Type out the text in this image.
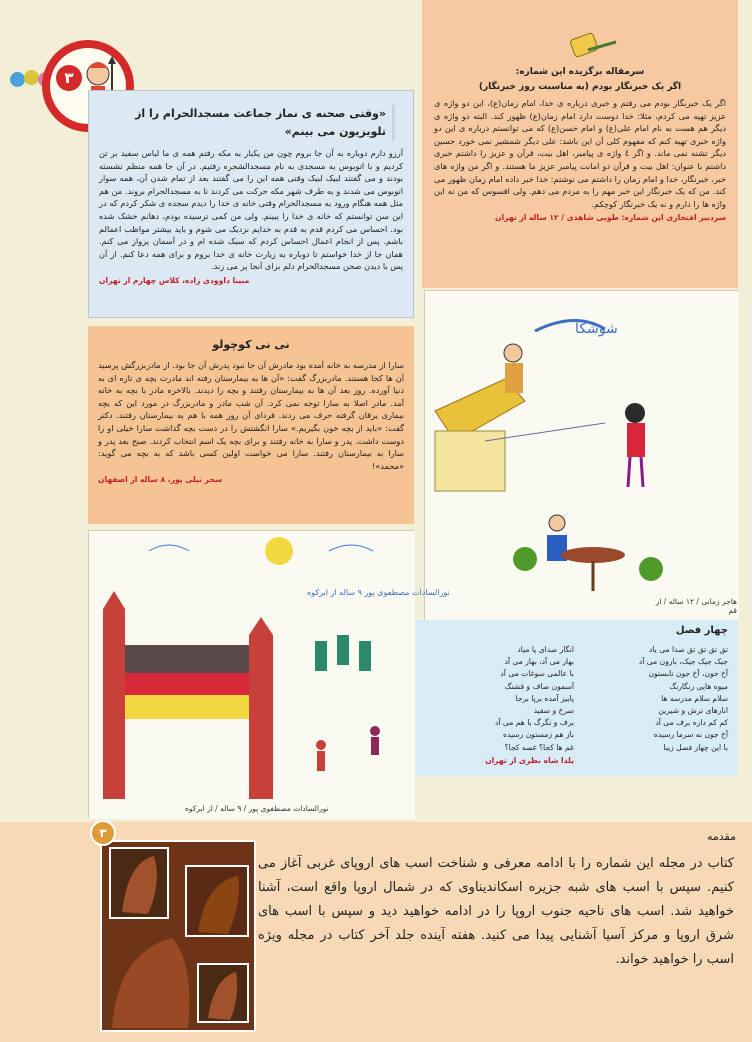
۳	سرمقاله برگزیده این شماره:

اگر یک خبرنگار بودم (به مناسبت روز خبرنگار)

اگر یک خبرنگار بودم می رفتم و خبری درباره ی خدا، امام زمان(ع)، این دو واژه ی عزیز تهیه می کردم، مثلا: خدا دوست دارد امام زمان(ع) ظهور کند. البته دو واژه ی دیگر هم هست به نام امام علی(ع) و امام حسن(ع) که می توانستم درباره ی این دو واژه خبری تهیه کنم که مفهوم کلی آن این باشد: علی دیگر شمشیر نمی خورد حسین دیگر تشنه نمی ماند. و اگر ٤ واژه ی پیامبر، اهل بیت، قرآن و عزیز را داشتم خبری داشتم با عنوان: اهل بیت و قرآن دو امانت پیامبر عزیز ما هستند. و اگر من واژه های خبر، خبرنگار، خدا و امام زمان را داشتم می نوشتم: خدا خبر داده امام زمان ظهور می کند. من که یک خبرنگار این خبر مهم را به مردم می دهم. ولی افسوس که من نه این واژه ها را دارم و نه یک خبرنگار کوچکم.

سردبیر افتخاری این شماره: طوبی شاهدی / ۱۲ ساله از تهران
«وقتی صحنه ی نماز جماعت مسجدالحرام را از تلویزیون می بینم»

آرزو دارم دوباره به آن جا بروم چون من یکبار به مکه رفتم همه ی ما لباس سفید بر تن کردیم و با اتوبوس به مسجدی به نام مسجدالشجره رفتیم. در آن جا همه منظم نشسته بودند و می گفتند لبیک لبیک وقتی همه این را می گفتند بعد از تمام شدن آن، همه سوار اتوبوس می شدند و به طرف شهر مکه حرکت می کردند تا به مسجدالحرام بروند. من هم مثل همه هنگام ورود به مسجدالحرام وقتی خانه ی خدا را دیدم سجده ی شکر کردم که در این سن توانستم که خانه ی خدا را ببینم. ولی من کمی ترسیده بودم، دهانم خشک شده بود. احساس می کردم قدم به قدم به خدایم نزدیک می شوم و باید بیشتر مواظب اعمالم باشم. پس از انجام اعمال احساس کردم که سبک شده ام و در آسمان پرواز می کنم. همان جا از خدا خواستم تا دوباره به زیارت خانه ی خدا بروم و برای همه دعا کنم. از آن پس با دیدن صحن مسجدالحرام دلم برای آنجا پر می زند.

مبینا داوودی زاده، کلاس چهارم از تهران
نی نی کوچولو

سارا از مدرسه به خانه آمده بود مادرش آن جا نبود پدرش آن جا بود. از مادربزرگش پرسید آن ها کجا هستند. مادربزرگ گفت: «آن ها به بیمارستان رفته اند مادرت بچه ی تازه ای به دنیا آورده. روز بعد آن ها به بیمارستان رفتند و بچه را دیدند. بالاخره مادر با بچه به خانه آمد. مادر اصلا به سارا توجه نمی کرد. آن شب مادر و مادربزرگ در مورد این که بچه بیماری یرقان گرفته حرف می زدند. فردای آن روز همه با هم به بیمارستان رفتند. دکتر گفت: «باید از بچه خون بگیریم.» سارا انگشتش را در دست بچه گذاشت سارا خیلی او را دوست داشت. پدر و سارا به خانه رفتند و برای بچه یک اسم انتخاب کردند. صبح بعد پدر و سارا به بیمارستان رفتند. سارا می خواست اولین کسی باشد که به بچه می گوید: «محمد»!

سحر نیلی پور، ۸ ساله از اصفهان
شوشکا
هاجر زمانی / ۱۲ ساله / از قم
نورالسادات مصطفوی پور ۹ ساله از ابرکوه
نورالسادات مصطفوی پور / ۹ ساله / از ابرکوه
چهار فصل
تق تق تق تق صدا می یاد
جیک جیک جیک، بارون می آد
آخ جون، آخ جون تابستون
میوه هایی رنگارنگ
سلام سلام مدرسه ها
انارهای ترش و شیرین
کم کم داره برف می آد
آخ جون نه سرما رسیده
با این چهار فصل زیبا
انگار صدای پا میاد
بهار می آد، بهار می آد
با عالمی سوغات می آد
آسمون صاف و قشنگ
پاییز آمده برپا برجا
سرخ و سفید
برف و تگرگ با هم می آد
باز هم زمستون رسیده
غم ها کجا؟ غصه کجا؟
یلدا شاه نظری از تهران
۳	مقدمه
کتاب در مجله این شماره را با ادامه معرفی و شناخت اسب های اروپای غربی آغاز می کنیم. سپس با اسب های شبه جزیره اسکاندیناوی که در شمال اروپا واقع است، آشنا خواهید شد. اسب های ناحیه جنوب اروپا را در ادامه خواهید دید و سپس با اسب های شرق اروپا و مرکز آسیا آشنایی پیدا می کنید. هفته آینده جلد آخر کتاب در مجله ویژه اسب را خواهید خواند.
